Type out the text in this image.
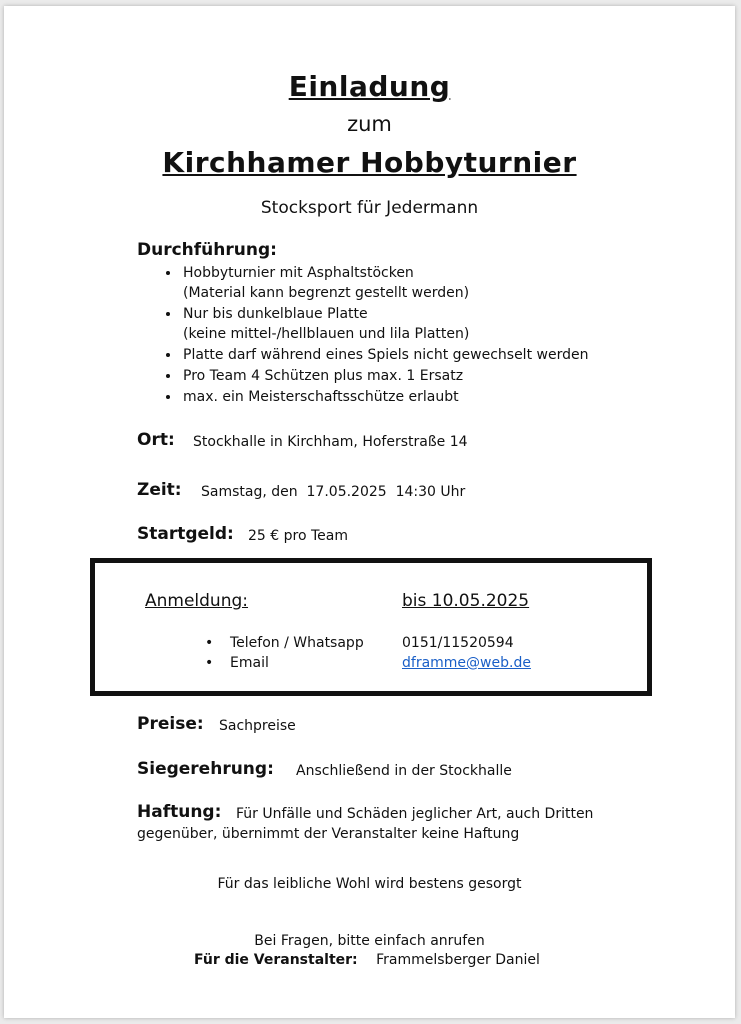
Einladung
zum
Kirchhamer Hobbyturnier
Stocksport für Jedermann
Durchführung:
• Hobbyturnier mit Asphaltstöcken
(Material kann begrenzt gestellt werden)
• Nur bis dunkelblaue Platte
(keine mittel-/hellblauen und lila Platten)
• Platte darf während eines Spiels nicht gewechselt werden
• Pro Team 4 Schützen plus max. 1 Ersatz
• max. ein Meisterschaftsschütze erlaubt
Ort: Stockhalle in Kirchham, Hoferstraße 14
Zeit: Samstag, den  17.05.2025  14:30 Uhr
Startgeld: 25 € pro Team
Anmeldung:	bis 10.05.2025
• Telefon / Whatsapp	0151/11520594
• Email	dframme@web.de
Preise: Sachpreise
Siegerehrung: Anschließend in der Stockhalle
Haftung: Für Unfälle und Schäden jeglicher Art, auch Dritten
gegenüber, übernimmt der Veranstalter keine Haftung
Für das leibliche Wohl wird bestens gesorgt
Bei Fragen, bitte einfach anrufen
Für die Veranstalter: Frammelsberger Daniel
